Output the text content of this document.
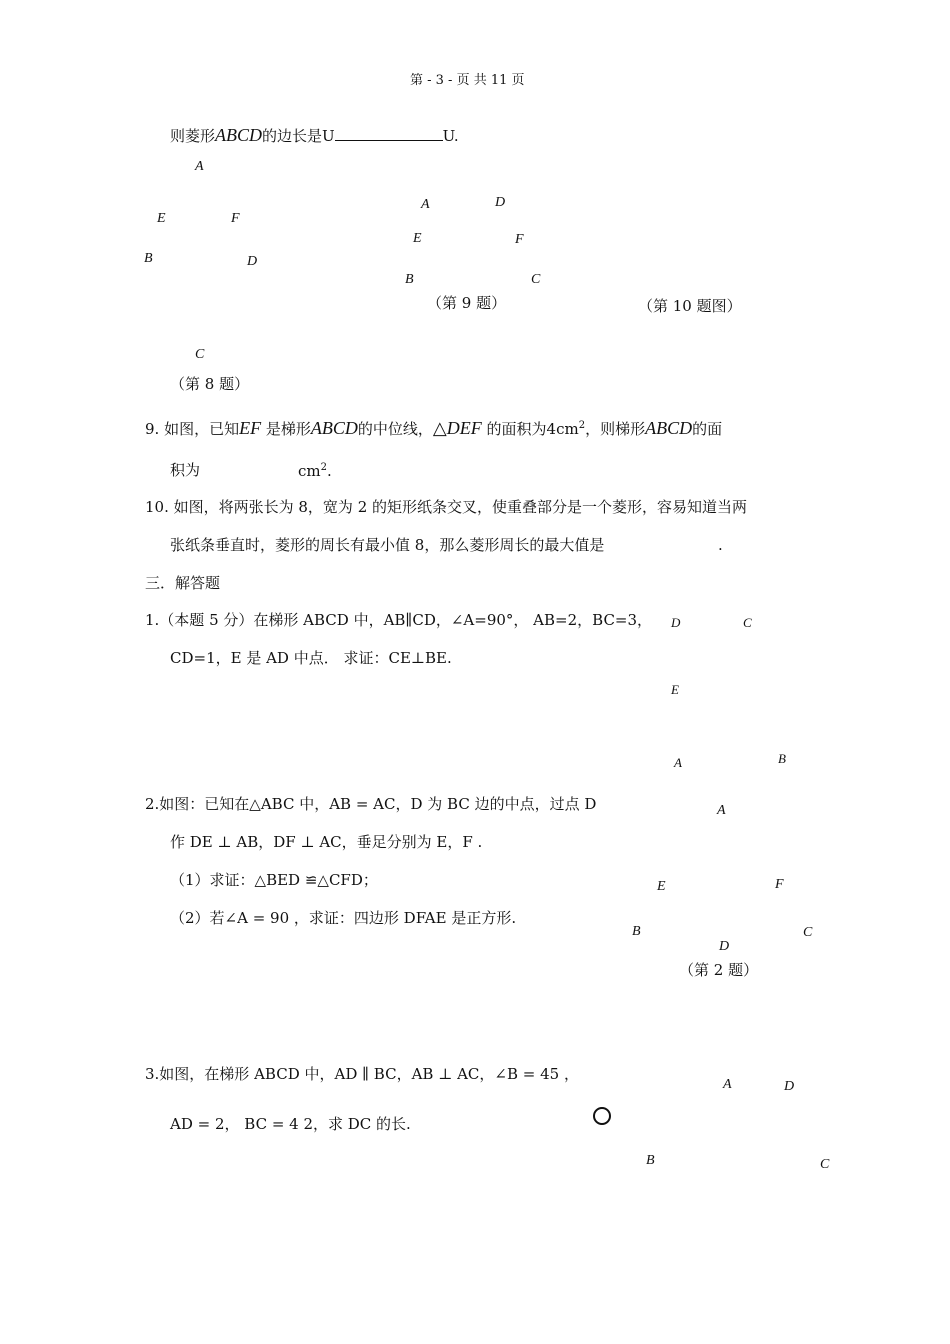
第 - 3 - 页 共 11 页
则菱形ABCD的边长是U	U.
A
E	F
B	D
C
（第 8 题）
A	D
E	F
B	C
（第 9 题）	（第 10 题图）
9. 如图，已知EF 是梯形ABCD的中位线，△DEF 的面积为$4cm^2$，则梯形ABCD的面
积为	$cm^2$.
10. 如图，将两张长为 8，宽为 2 的矩形纸条交叉，使重叠部分是一个菱形，容易知道当两
张纸条垂直时，菱形的周长有最小值 8，那么菱形周长的最大值是	.
三．解答题
1.（本题 5 分）在梯形 ABCD 中，AB∥CD，∠A=90°， AB=2，BC=3，
CD=1，E 是 AD 中点． 求证：CE⊥BE.
D	C
E
A	B
2.如图：已知在△ABC 中，AB = AC，D 为 BC 边的中点，过点 D
作 DE ⊥ AB，DF ⊥ AC，垂足分别为 E，F .
（1）求证：△BED ≌△CFD；
（2）若∠A = 90 ，求证：四边形 DFAE 是正方形.
A
E	F
B
D
C
（第 2 题）
3.如图，在梯形 ABCD 中，AD ∥ BC，AB ⊥ AC，∠B = 45 ，
AD = 2， BC = 4 2，求 DC 的长.
A	D
B	C
